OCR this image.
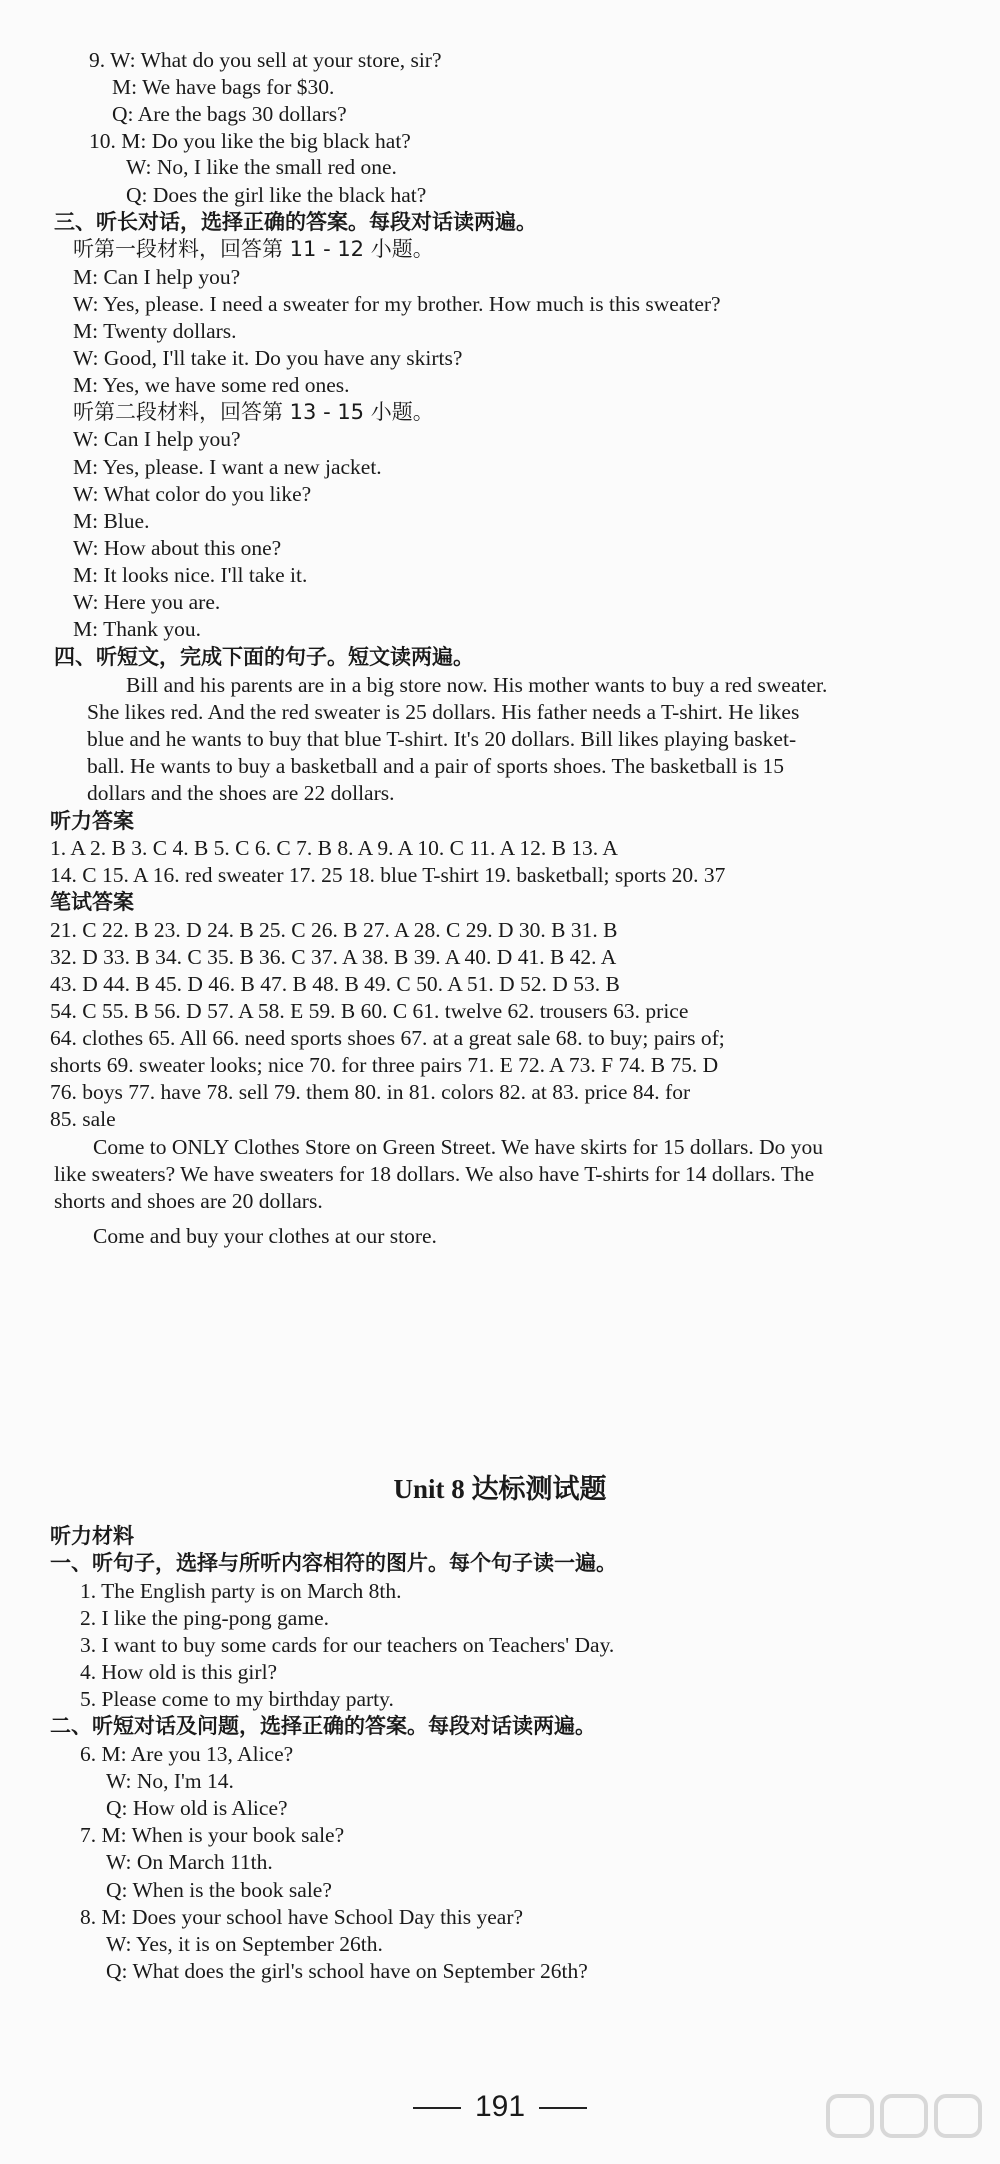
9. W: What do you sell at your store, sir?
M: We have bags for $30.
Q: Are the bags 30 dollars?
10. M: Do you like the big black hat?
W: No, I like the small red one.
Q: Does the girl like the black hat?
三、听长对话，选择正确的答案。每段对话读两遍。
听第一段材料，回答第 11 - 12 小题。
M: Can I help you?
W: Yes, please. I need a sweater for my brother. How much is this sweater?
M: Twenty dollars.
W: Good, I'll take it. Do you have any skirts?
M: Yes, we have some red ones.
听第二段材料，回答第 13 - 15 小题。
W: Can I help you?
M: Yes, please. I want a new jacket.
W: What color do you like?
M: Blue.
W: How about this one?
M: It looks nice. I'll take it.
W: Here you are.
M: Thank you.
四、听短文，完成下面的句子。短文读两遍。
Bill and his parents are in a big store now. His mother wants to buy a red sweater.
She likes red. And the red sweater is 25 dollars. His father needs a T-shirt. He likes
blue and he wants to buy that blue T-shirt. It's 20 dollars. Bill likes playing basket-
ball. He wants to buy a basketball and a pair of sports shoes. The basketball is 15
dollars and the shoes are 22 dollars.
听力答案
1. A 2. B 3. C 4. B 5. C 6. C 7. B 8. A 9. A 10. C 11. A 12. B 13. A
14. C 15. A 16. red sweater 17. 25 18. blue T-shirt 19. basketball; sports 20. 37
笔试答案
21. C 22. B 23. D 24. B 25. C 26. B 27. A 28. C 29. D 30. B 31. B
32. D 33. B 34. C 35. B 36. C 37. A 38. B 39. A 40. D 41. B 42. A
43. D 44. B 45. D 46. B 47. B 48. B 49. C 50. A 51. D 52. D 53. B
54. C 55. B 56. D 57. A 58. E 59. B 60. C 61. twelve 62. trousers 63. price
64. clothes 65. All 66. need sports shoes 67. at a great sale 68. to buy; pairs of;
shorts 69. sweater looks; nice 70. for three pairs 71. E 72. A 73. F 74. B 75. D
76. boys 77. have 78. sell 79. them 80. in 81. colors 82. at 83. price 84. for
85. sale
Come to ONLY Clothes Store on Green Street. We have skirts for 15 dollars. Do you
like sweaters? We have sweaters for 18 dollars. We also have T-shirts for 14 dollars. The
shorts and shoes are 20 dollars.
Come and buy your clothes at our store.
Unit 8 达标测试题
听力材料
一、听句子，选择与所听内容相符的图片。每个句子读一遍。
1. The English party is on March 8th.
2. I like the ping-pong game.
3. I want to buy some cards for our teachers on Teachers' Day.
4. How old is this girl?
5. Please come to my birthday party.
二、听短对话及问题，选择正确的答案。每段对话读两遍。
6. M: Are you 13, Alice?
W: No, I'm 14.
Q: How old is Alice?
7. M: When is your book sale?
W: On March 11th.
Q: When is the book sale?
8. M: Does your school have School Day this year?
W: Yes, it is on September 26th.
Q: What does the girl's school have on September 26th?
191
